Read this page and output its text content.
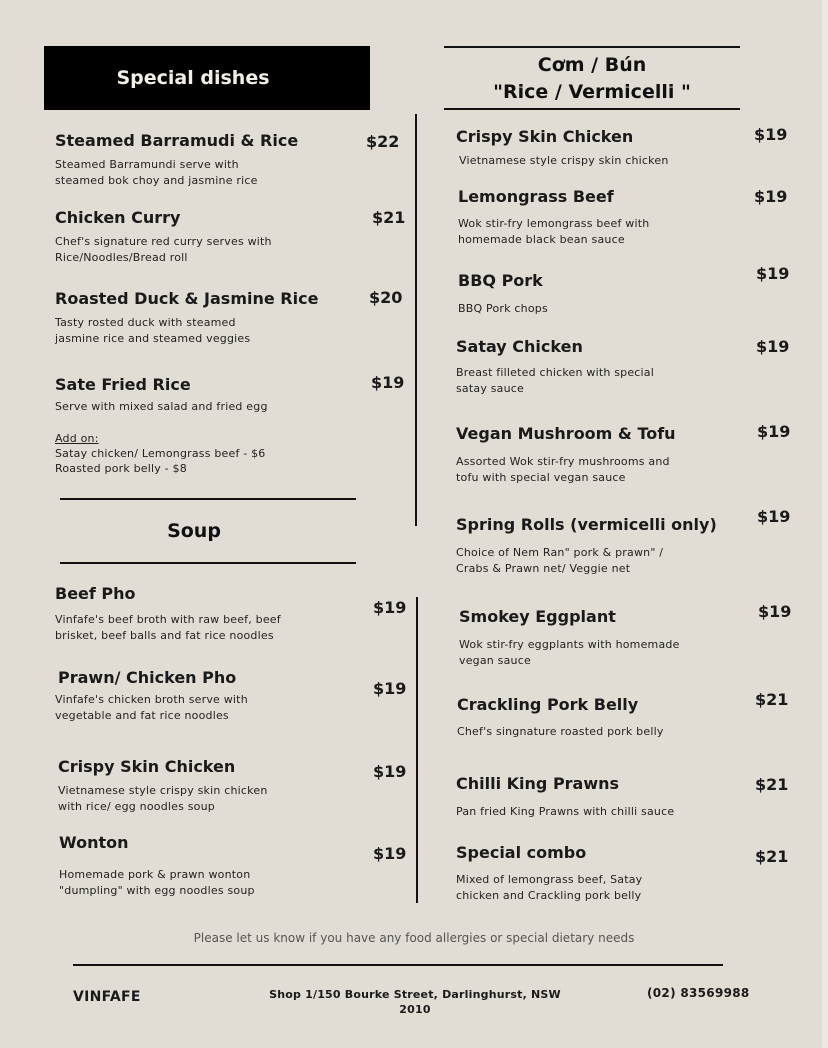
Special dishes
Cơm / Bún
"Rice / Vermicelli "
Steamed Barramudi & Rice
Steamed Barramundi serve with
steamed bok choy and jasmine rice
$22
Chicken Curry
Chef's signature red curry serves with
Rice/Noodles/Bread roll
$21
Roasted Duck & Jasmine Rice
Tasty rosted duck with steamed
jasmine rice and steamed veggies
$20
Sate Fried Rice
Serve with mixed salad and fried egg
$19
Add on:
Satay chicken/ Lemongrass beef - $6
Roasted pork belly - $8
Soup
Beef Pho
Vinfafe's beef broth with raw beef, beef
brisket, beef balls and fat rice noodles
$19
Prawn/ Chicken Pho
Vinfafe's chicken broth serve with
vegetable and fat rice noodles
$19
Crispy Skin Chicken
Vietnamese style crispy skin chicken
with rice/ egg noodles soup
$19
Wonton
Homemade pork & prawn wonton
"dumpling" with egg noodles soup
$19
Crispy Skin Chicken
Vietnamese style crispy skin chicken
$19
Lemongrass Beef
Wok stir-fry lemongrass beef with
homemade black bean sauce
$19
BBQ Pork
BBQ Pork chops
$19
Satay Chicken
Breast filleted chicken with special
satay sauce
$19
Vegan Mushroom & Tofu
Assorted Wok stir-fry mushrooms and
tofu with special vegan sauce
$19
Spring Rolls (vermicelli only)
Choice of Nem Ran" pork & prawn" /
Crabs & Prawn net/ Veggie net
$19
Smokey Eggplant
Wok stir-fry eggplants with homemade
vegan sauce
$19
Crackling Pork Belly
Chef's singnature roasted pork belly
$21
Chilli King Prawns
Pan fried King Prawns with chilli sauce
$21
Special combo
Mixed of lemongrass beef, Satay
chicken and Crackling pork belly
$21
Please let us know if you have any food allergies or special dietary needs
VINFAFE	Shop 1/150 Bourke Street, Darlinghurst, NSW
2010
(02) 83569988
